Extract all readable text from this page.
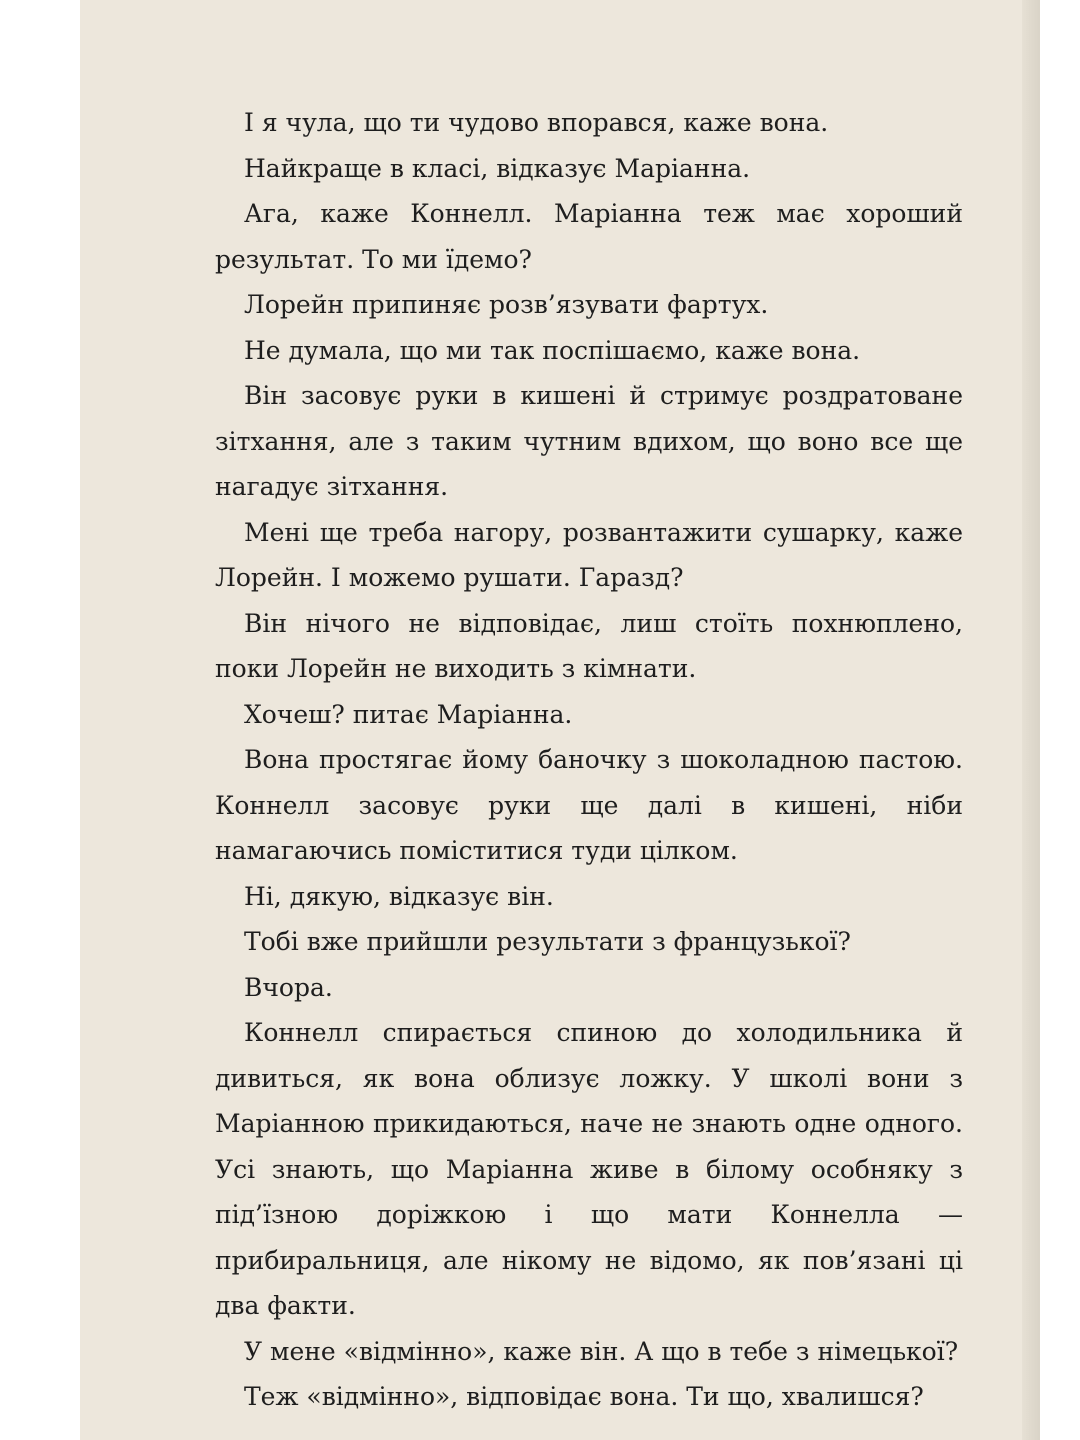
І я чула, що ти чудово впорався, каже вона.

Найкраще в класі, відказує Маріанна.

Ага, каже Коннелл. Маріанна теж має хороший результат. То ми їдемо?

Лорейн припиняє розв’язувати фартух.

Не думала, що ми так поспішаємо, каже вона.

Він засовує руки в кишені й стримує роздратоване зітхання, але з таким чутним вдихом, що воно все ще нагадує зітхання.

Мені ще треба нагору, розвантажити сушарку, каже Лорейн. І можемо рушати. Гаразд?

Він нічого не відповідає, лиш стоїть похнюплено, поки Лорейн не виходить з кімнати.

Хочеш? питає Маріанна.

Вона простягає йому баночку з шоколадною пастою. Коннелл засовує руки ще далі в кишені, ніби намагаючись поміститися туди цілком.

Ні, дякую, відказує він.

Тобі вже прийшли результати з французької?

Вчора.

Коннелл спирається спиною до холодильника й дивиться, як вона облизує ложку. У школі вони з Маріанною прикидаються, наче не знають одне одного. Усі знають, що Маріанна живе в білому особняку з під’їзною доріжкою і що мати Коннелла — прибиральниця, але нікому не відомо, як пов’язані ці два факти.

У мене «відмінно», каже він. А що в тебе з німецької?

Теж «відмінно», відповідає вона. Ти що, хвалишся?
